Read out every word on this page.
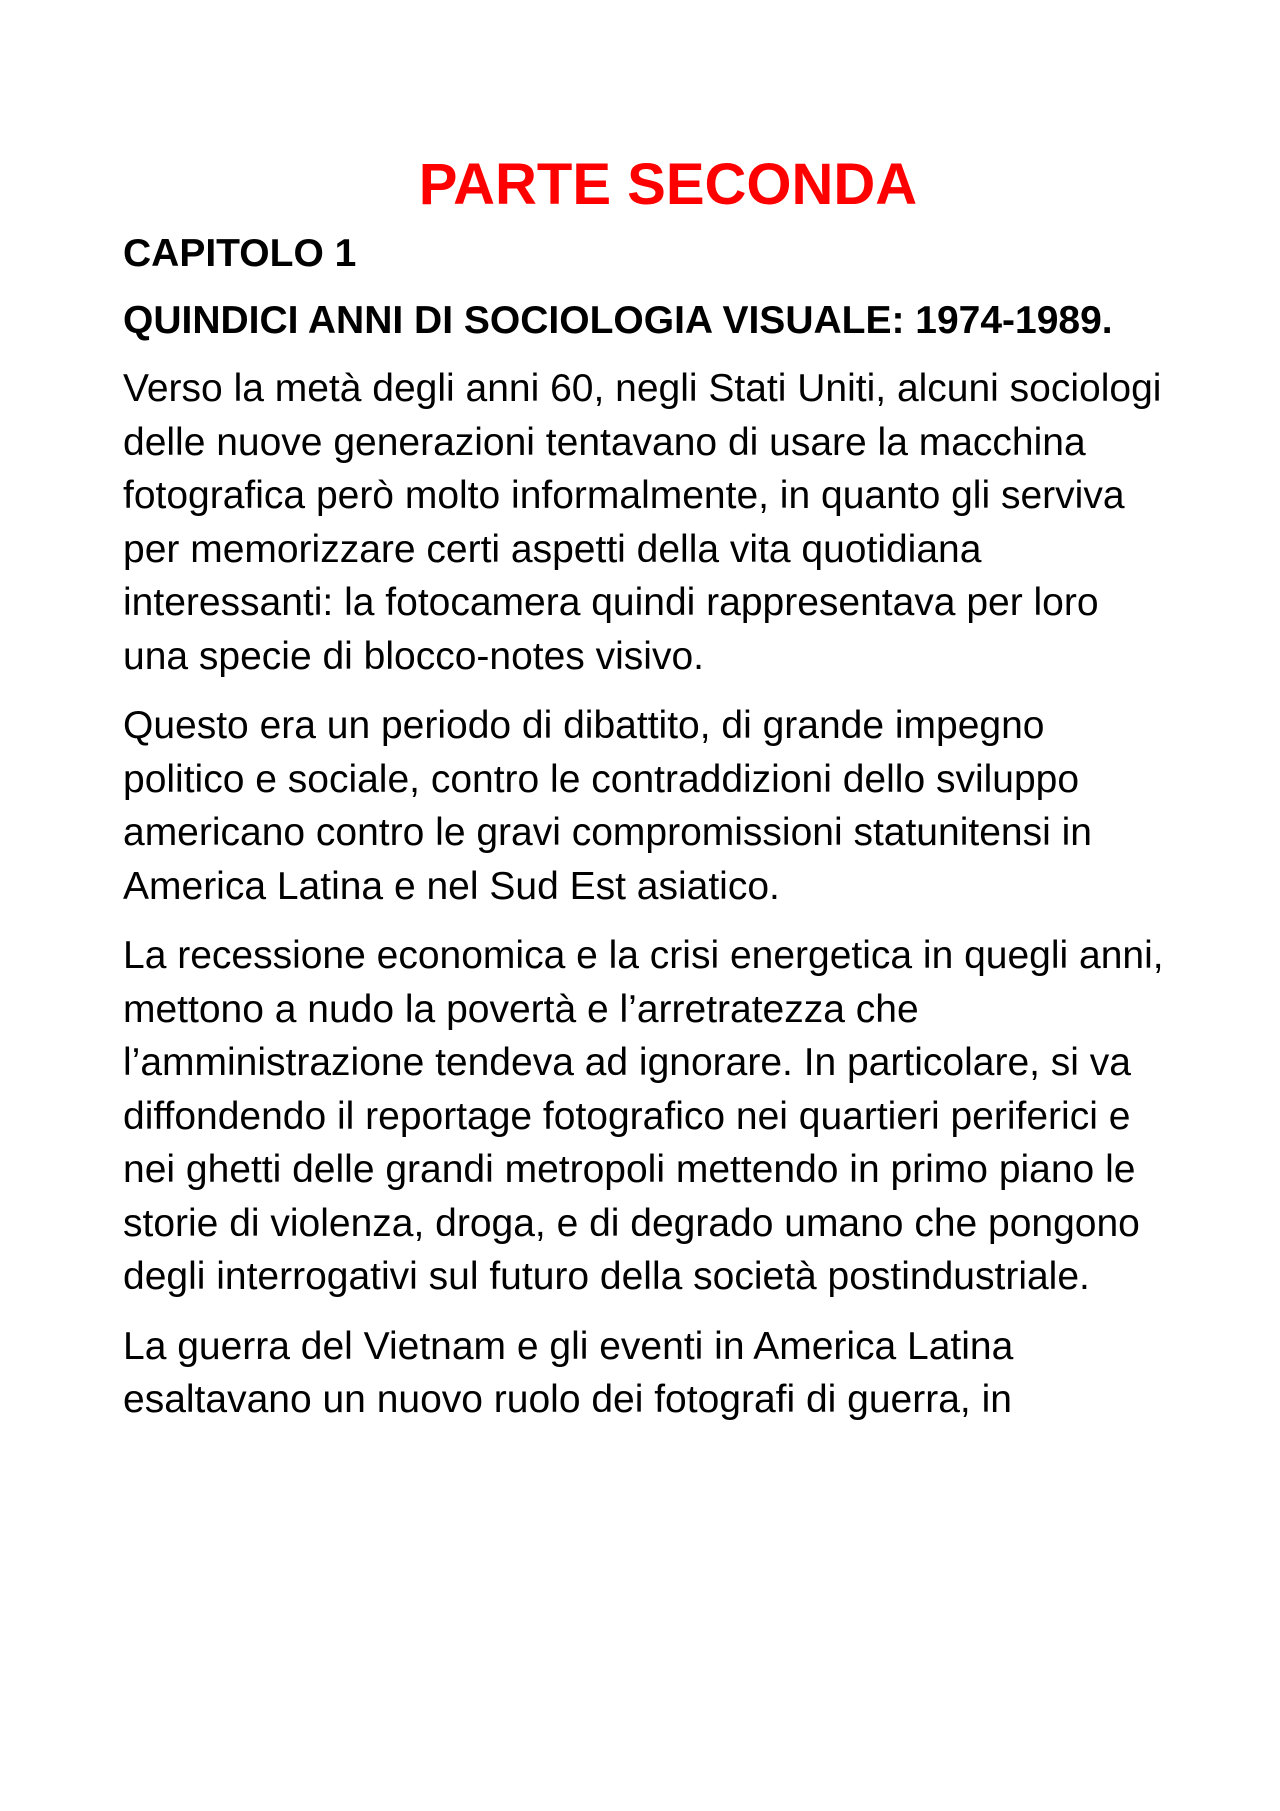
PARTE SECONDA
CAPITOLO 1
QUINDICI ANNI DI SOCIOLOGIA VISUALE: 1974-1989.

Verso la metà degli anni 60, negli Stati Uniti, alcuni sociologi delle nuove generazioni tentavano di usare la macchina fotografica però molto informalmente, in quanto gli serviva per memorizzare certi aspetti della vita quotidiana interessanti: la fotocamera quindi rappresentava per loro una specie di blocco-notes visivo.

Questo era un periodo di dibattito, di grande impegno politico e sociale, contro le contraddizioni dello sviluppo americano contro le gravi compromissioni statunitensi in America Latina e nel Sud Est asiatico.

La recessione economica e la crisi energetica in quegli anni, mettono a nudo la povertà e l’arretratezza che l’amministrazione tendeva ad ignorare. In particolare, si va diffondendo il reportage fotografico nei quartieri periferici e nei ghetti delle grandi metropoli mettendo in primo piano le storie di violenza, droga, e di degrado umano che pongono degli interrogativi sul futuro della società postindustriale.

La guerra del Vietnam e gli eventi in America Latina esaltavano un nuovo ruolo dei fotografi di guerra, in
